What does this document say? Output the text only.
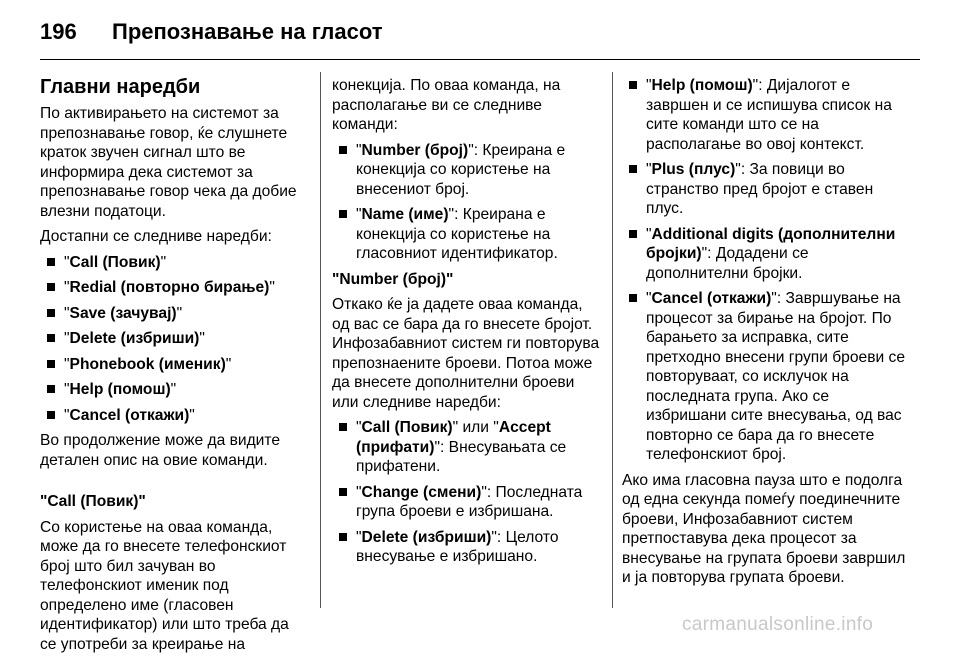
196 Препознавање на гласот

Главни наредби

По активирањето на системот за препознавање говор, ќе слушнете краток звучен сигнал што ве информира дека системот за препознавање говор чека да добие влезни податоци.

Достапни се следниве наредби:

"Call (Повик)"
"Redial (повторно бирање)"
"Save (зачувај)"
"Delete (избриши)"
"Phonebook (именик)"
"Help (помош)"
"Cancel (откажи)"

Во продолжение може да видите детален опис на овие команди.

"Call (Повик)"

Со користење на оваа команда, може да го внесете телефонскиот број што бил зачуван во телефонскиот именик под определено име (гласовен идентификатор) или што треба да се употреби за креирање на

конекција. По оваа команда, на располагање ви се следниве команди:

"Number (број)": Креирана е конекција со користење на внесениот број.
"Name (име)": Креирана е конекција со користење на гласовниот идентификатор.

"Number (број)"

Откако ќе ја дадете оваа команда, од вас се бара да го внесете бројот. Инфозабавниот систем ги повторува препознаените броеви. Потоа може да внесете дополнителни броеви или следниве наредби:

"Call (Повик)" или "Accept (прифати)": Внесувањата се прифатени.
"Change (смени)": Последната група броеви е избришана.
"Delete (избриши)": Целото внесување е избришано.
"Help (помош)": Дијалогот е завршен и се испишува список на сите команди што се на располагање во овој контекст.
"Plus (плус)": За повици во странство пред бројот е ставен плус.
"Additional digits (дополнителни бројки)": Додадени се дополнителни бројки.
"Cancel (откажи)": Завршување на процесот за бирање на бројот. По барањето за исправка, сите претходно внесени групи броеви се повторуваат, со исклучок на последната група. Ако се избришани сите внесувања, од вас повторно се бара да го внесете телефонскиот број.

Ако има гласовна пауза што е подолга од една секунда помеѓу поединечните броеви, Инфозабавниот систем претпоставува дека процесот за внесување на групата броеви завршил и ја повторува групата броеви.

carmanualsonline.info
